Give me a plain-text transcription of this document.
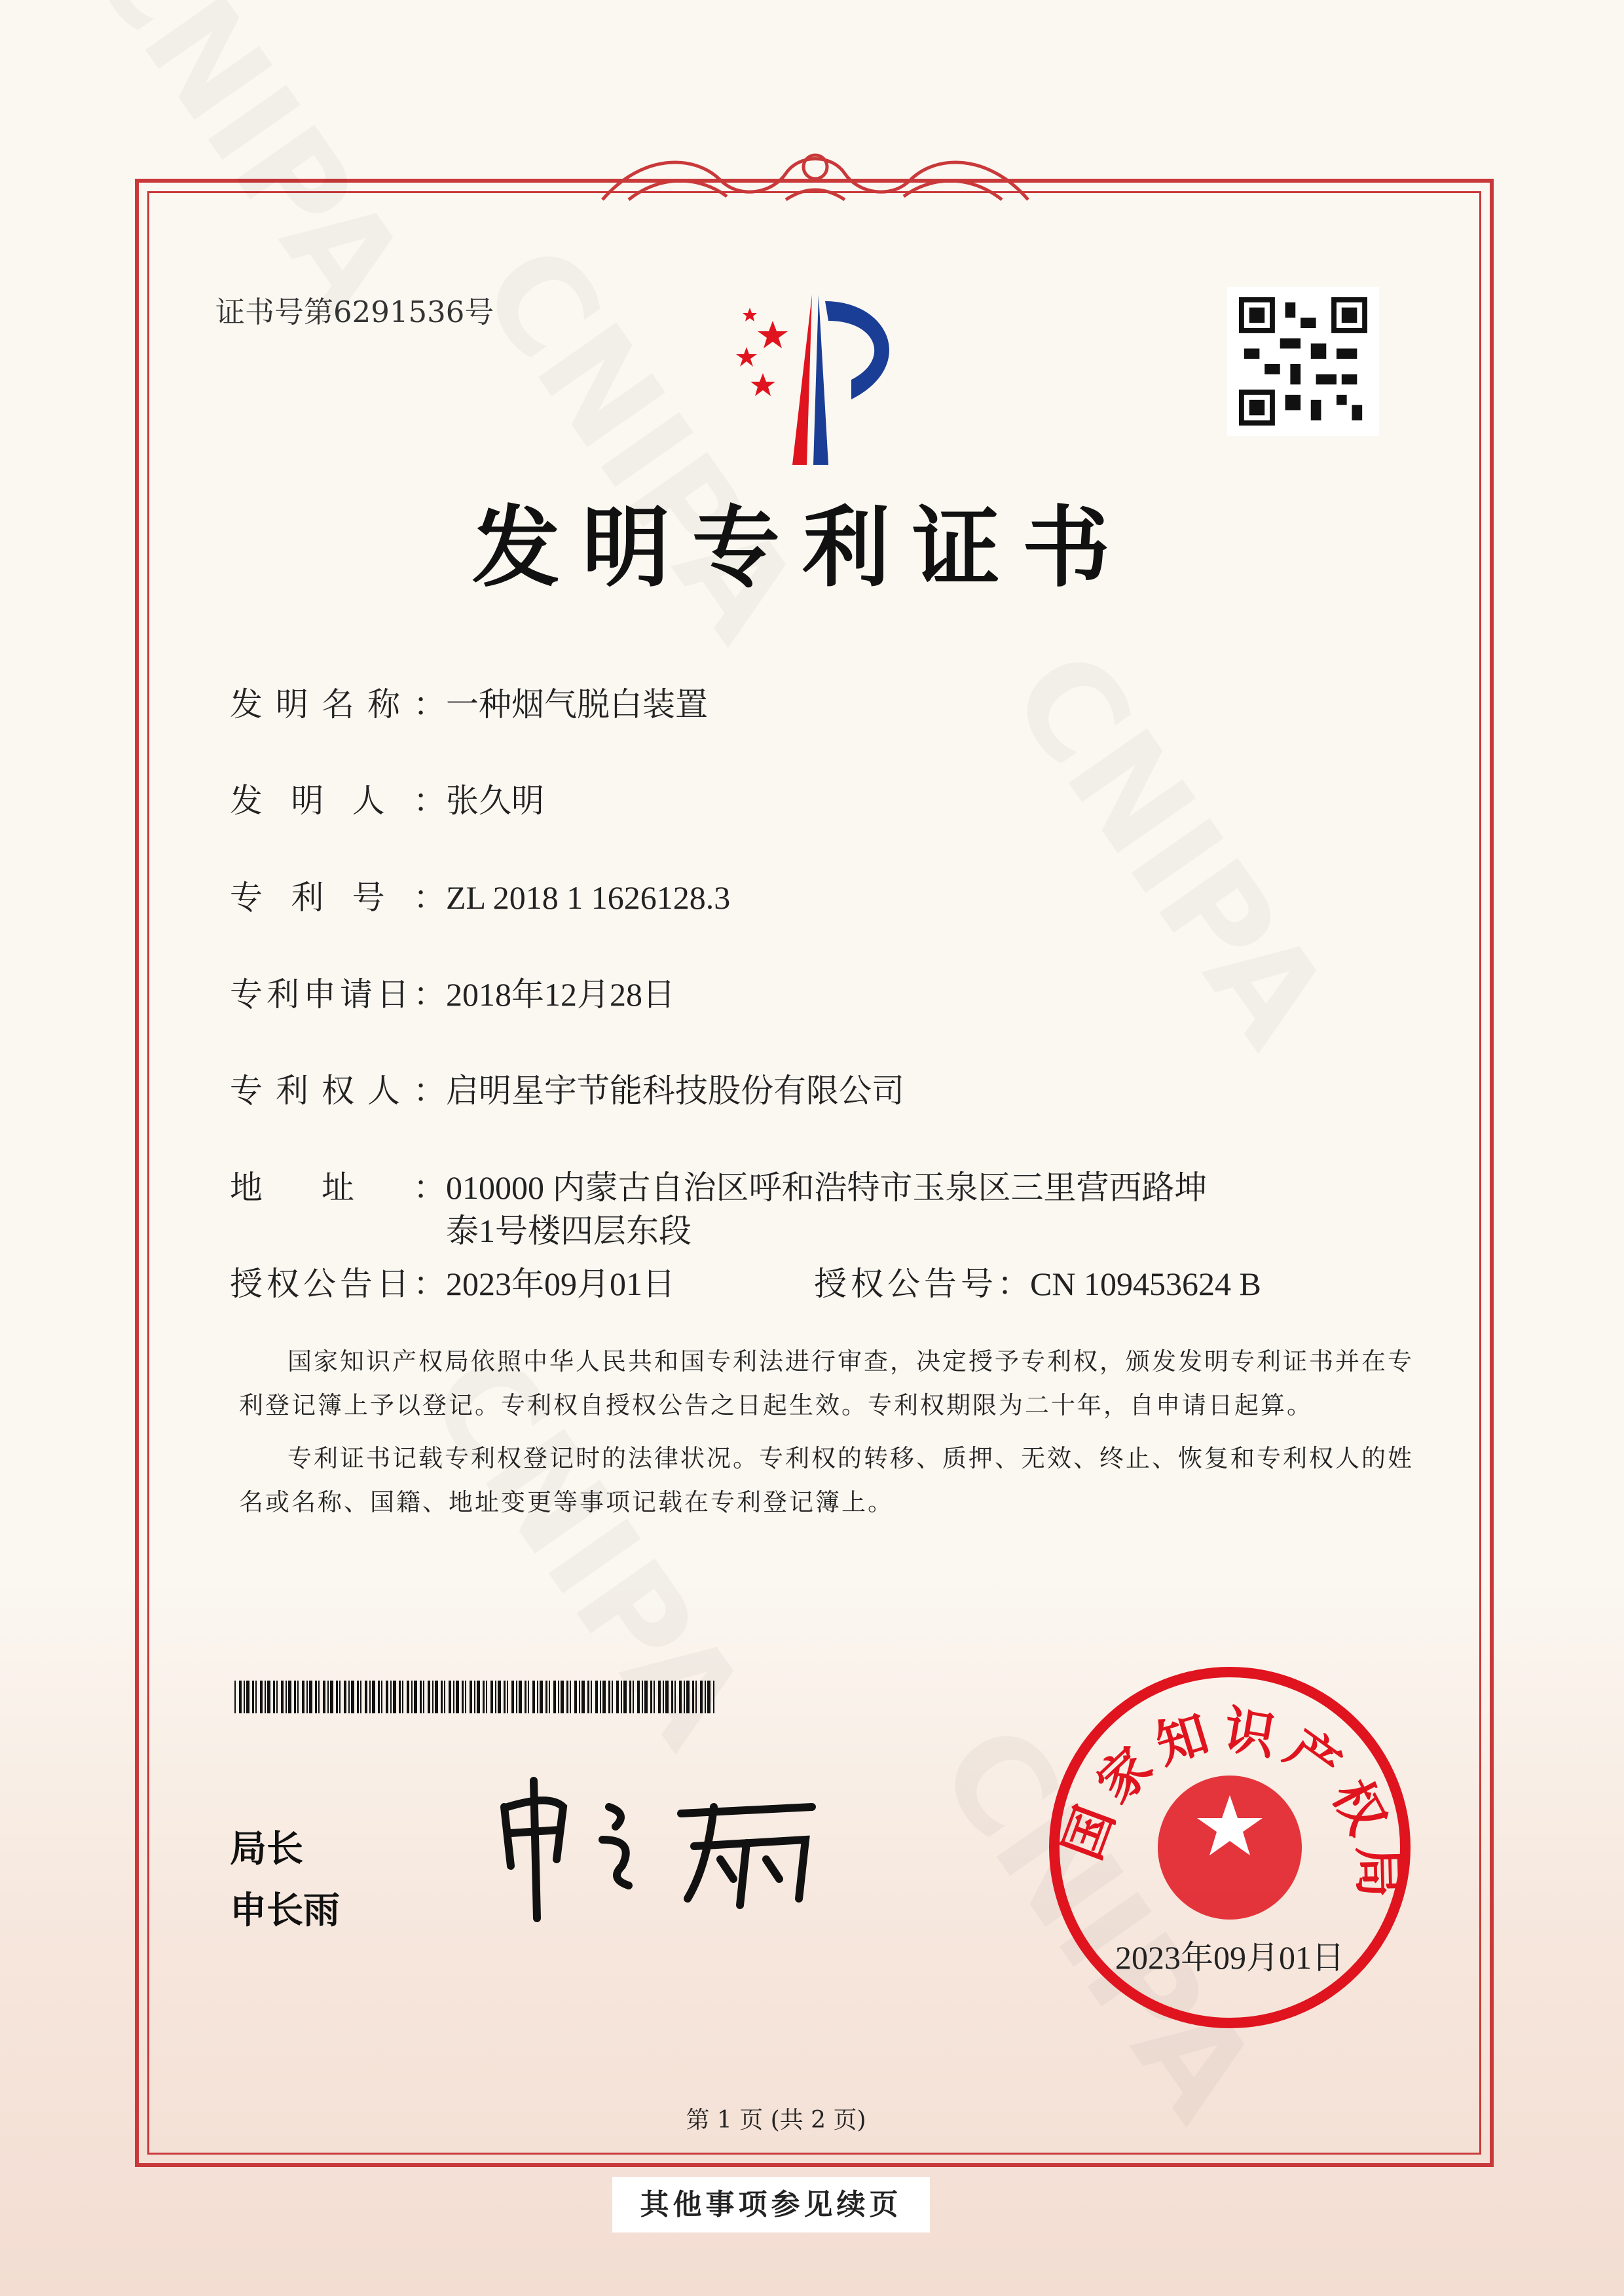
证书号第6291536号
发明专利证书
发明名称：一种烟气脱白装置
发明人：张久明
专利号：ZL 2018 1 1626128.3
专利申请日：2018年12月28日
专利权人：启明星宇节能科技股份有限公司
地址：010000 内蒙古自治区呼和浩特市玉泉区三里营西路坤
泰1号楼四层东段
授权公告日：2023年09月01日	授权公告号：CN 109453624 B

国家知识产权局依照中华人民共和国专利法进行审查，决定授予专利权，颁发发明专利证书并在专利登记簿上予以登记。专利权自授权公告之日起生效。专利权期限为二十年，自申请日起算。

专利证书记载专利权登记时的法律状况。专利权的转移、质押、无效、终止、恢复和专利权人的姓名或名称、国籍、地址变更等事项记载在专利登记簿上。

局长
申长雨
国家知识产权局
2023年09月01日
第 1 页 (共 2 页)
其他事项参见续页
